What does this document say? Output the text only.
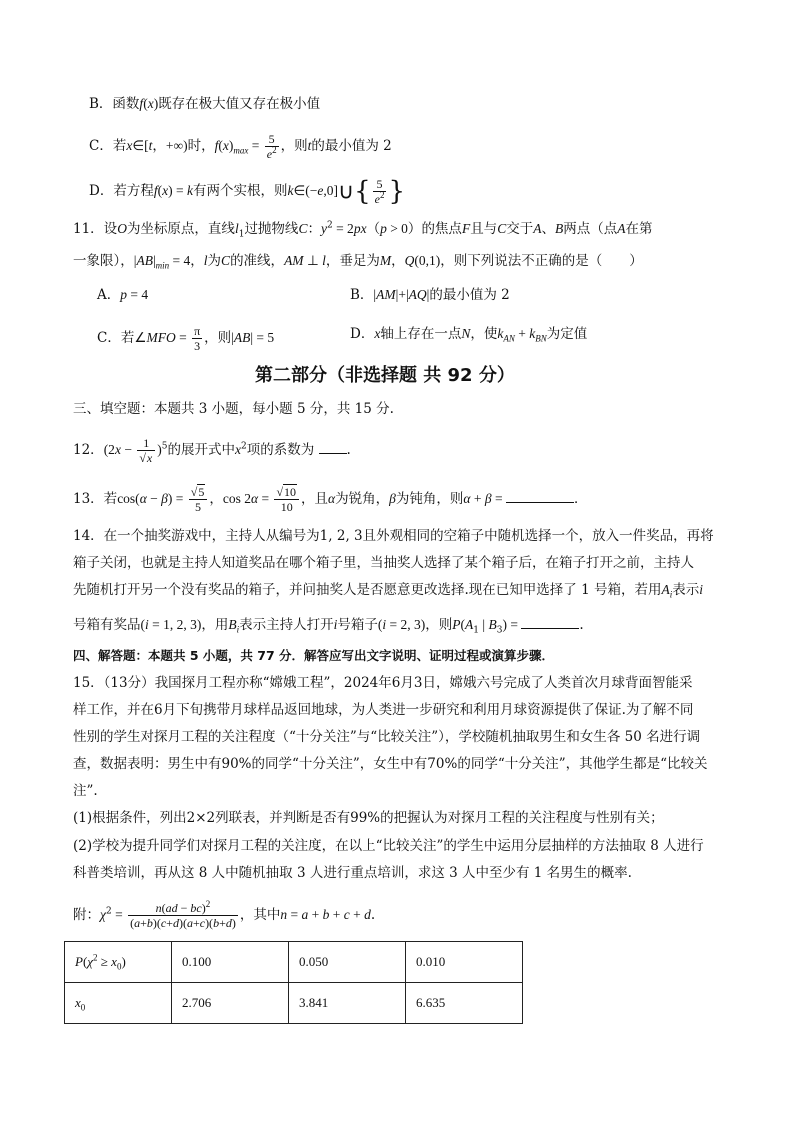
B．函数f(x)既存在极大值又存在极小值
C．若x∈[t，+∞)时，$f(x)_{max} = \frac{5}{e^2}$ ，则t的最小值为 2
D．若方程f(x) = k有两个实根，则k∈(−e,0]∪{ $\frac{5}{e^2}$ }
11．设O为坐标原点，直线$l_1$过抛物线C：$y^2 = 2px(p > 0)$的焦点F且与C交于A、B两点（点A在第
一象限），$|AB|_{min} = 4$，l为C的准线，AM ⊥ l，垂足为M，Q(0,1)，则下列说法不正确的是（　　）
A．p = 4	B．|AM|+|AQ|的最小值为 2
C．若∠MFO = $\frac{\pi}{3}$ ，则|AB| = 5	D．x轴上存在一点N，使$k_{AN} + k_{BN}$为定值
第二部分（非选择题 共 92 分）
三、填空题：本题共 3 小题，每小题 5 分，共 15 分.
12．$(2x - \frac{1}{√x} )^5$的展开式中$x^2$项的系数为 .
13．若$\cos(\alpha - \beta) = \frac{√5}{5}$ ，$\cos 2\alpha = \frac{√10}{10}$ ，且α为锐角，β为钝角，则α + β =	．
14．在一个抽奖游戏中，主持人从编号为1, 2, 3且外观相同的空箱子中随机选择一个，放入一件奖品，再将
箱子关闭，也就是主持人知道奖品在哪个箱子里，当抽奖人选择了某个箱子后，在箱子打开之前，主持人
先随机打开另一个没有奖品的箱子，并问抽奖人是否愿意更改选择.现在已知甲选择了 1 号箱，若用$A_i$表示i
号箱有奖品(i = 1, 2, 3)，用$B_i$表示主持人打开i号箱子(i = 2, 3)，则$P(A_1$ | $B_3$) =	.
四、解答题：本题共 5 小题，共 77 分．解答应写出文字说明、证明过程或演算步骤．
15．（13分）我国探月工程亦称“嫦娥工程”，2024年6月3日，嫦娥六号完成了人类首次月球背面智能采
样工作，并在6月下旬携带月球样品返回地球，为人类进一步研究和利用月球资源提供了保证.为了解不同
性别的学生对探月工程的关注程度（“十分关注”与“比较关注”），学校随机抽取男生和女生各 50 名进行调
查，数据表明：男生中有90%的同学“十分关注”，女生中有70%的同学“十分关注”，其他学生都是“比较关
注”.
(1)根据条件，列出2×2列联表，并判断是否有99%的把握认为对探月工程的关注程度与性别有关；
(2)学校为提升同学们对探月工程的关注度，在以上“比较关注”的学生中运用分层抽样的方法抽取 8 人进行
科普类培训，再从这 8 人中随机抽取 3 人进行重点培训，求这 3 人中至少有 1 名男生的概率.
附：$\chi^2 = \frac{n(ad - bc)^2}{(a+b)(c+d)(a+c)(b+d)}$ ，其中n = a + b + c + d.
$P(\chi^2 \ge x_0)$	0.100	0.050	0.010
$x_0$	2.706	3.841	6.635
